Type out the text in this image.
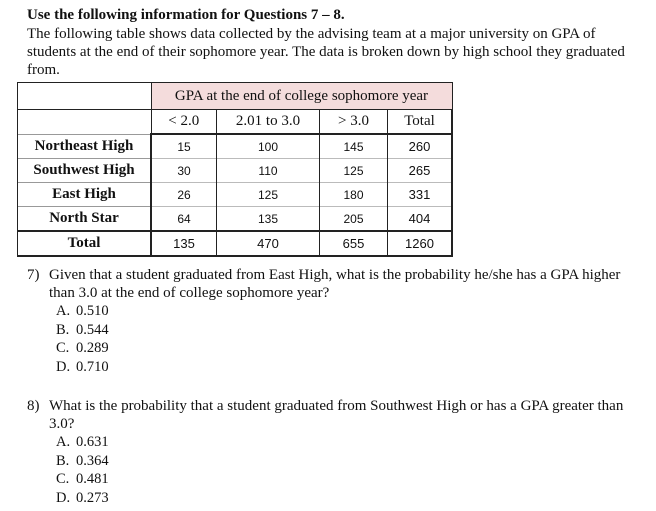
Use the following information for Questions 7 – 8.
The following table shows data collected by the advising team at a major university on GPA of students at the end of their sophomore year. The data is broken down by high school they graduated from.
	GPA at the end of college sophomore year			
	< 2.0	2.01 to 3.0	> 3.0	Total
Northeast High	15	100	145	260
Southwest High	30	110	125	265
East High	26	125	180	331
North Star	64	135	205	404
Total	135	470	655	1260
7) Given that a student graduated from East High, what is the probability he/she has a GPA higher than 3.0 at the end of college sophomore year?
A. 0.510
B. 0.544
C. 0.289
D. 0.710
8) What is the probability that a student graduated from Southwest High or has a GPA greater than 3.0?
A. 0.631
B. 0.364
C. 0.481
D. 0.273
